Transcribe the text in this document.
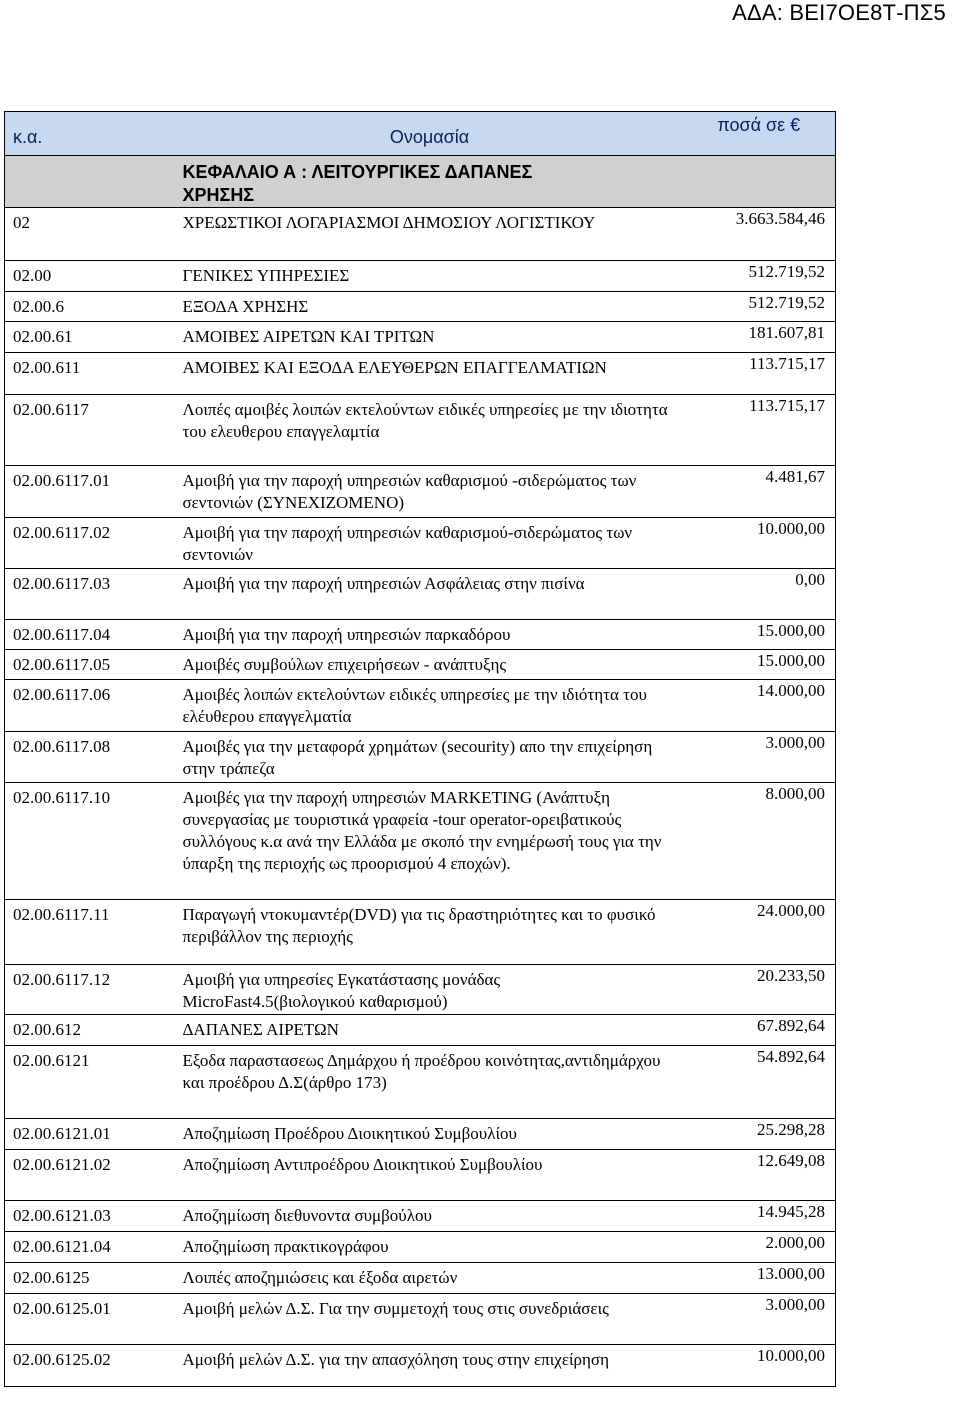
ΑΔΑ: ΒΕΙ7ΟΕ8Τ-ΠΣ5
κ.α.	Ονομασία	ποσά σε €
	ΚΕΦΑΛΑΙΟ Α : ΛΕΙΤΟΥΡΓΙΚΕΣ ΔΑΠΑΝΕΣ
ΧΡΗΣΗΣ	
02	ΧΡΕΩΣΤΙΚΟΙ ΛΟΓΑΡΙΑΣΜΟΙ ΔΗΜΟΣΙΟΥ ΛΟΓΙΣΤΙΚΟΥ	3.663.584,46
02.00	ΓΕΝΙΚΕΣ ΥΠΗΡΕΣΙΕΣ	512.719,52
02.00.6	ΕΞΟΔΑ ΧΡΗΣΗΣ	512.719,52
02.00.61	ΑΜΟΙΒΕΣ ΑΙΡΕΤΩΝ ΚΑΙ ΤΡΙΤΩΝ	181.607,81
02.00.611	ΑΜΟΙΒΕΣ ΚΑΙ ΕΞΟΔΑ ΕΛΕΥΘΕΡΩΝ ΕΠΑΓΓΕΛΜΑΤΙΩΝ	113.715,17
02.00.6117	Λοιπές αμοιβές λοιπών εκτελούντων ειδικές υπηρεσίες με την ιδιοτητα του ελευθερου επαγγελαμτία	113.715,17
02.00.6117.01	Αμοιβή για την παροχή υπηρεσιών καθαρισμού -σιδερώματος των σεντονιών (ΣΥΝΕΧΙΖΟΜΕΝΟ)	4.481,67
02.00.6117.02	Αμοιβή για την παροχή υπηρεσιών καθαρισμού-σιδερώματος των σεντονιών	10.000,00
02.00.6117.03	Αμοιβή για την παροχή υπηρεσιών Ασφάλειας στην πισίνα	0,00
02.00.6117.04	Αμοιβή για την παροχή υπηρεσιών παρκαδόρου	15.000,00
02.00.6117.05	Αμοιβές συμβούλων επιχειρήσεων - ανάπτυξης	15.000,00
02.00.6117.06	Αμοιβές λοιπών εκτελούντων ειδικές υπηρεσίες με την ιδιότητα του ελέυθερου επαγγελματία	14.000,00
02.00.6117.08	Αμοιβές για την μεταφορά χρημάτων (secourity) απο την επιχείρηση στην τράπεζα	3.000,00
02.00.6117.10	Αμοιβές για την παροχή υπηρεσιών MARKETING (Ανάπτυξη συνεργασίας με τουριστικά γραφεία -tour operator-ορειβατικούς συλλόγους κ.α ανά την Ελλάδα με σκοπό την ενημέρωσή τους για την ύπαρξη της περιοχής ως προορισμού 4 εποχών).	8.000,00
02.00.6117.11	Παραγωγή ντοκυμαντέρ(DVD) για τις δραστηριότητες και το φυσικό περιβάλλον της περιοχής	24.000,00
02.00.6117.12	Αμοιβή για υπηρεσίες Εγκατάστασης μονάδας MicroFast4.5(βιολογικού καθαρισμού)	20.233,50
02.00.612	ΔΑΠΑΝΕΣ ΑΙΡΕΤΩΝ	67.892,64
02.00.6121	Εξοδα παραστασεως Δημάρχου ή προέδρου κοινότητας,αντιδημάρχου και προέδρου Δ.Σ(άρθρο 173)	54.892,64
02.00.6121.01	Αποζημίωση Προέδρου Διοικητικού Συμβουλίου	25.298,28
02.00.6121.02	Αποζημίωση Αντιπροέδρου Διοικητικού Συμβουλίου	12.649,08
02.00.6121.03	Αποζημίωση διεθυνοντα συμβούλου	14.945,28
02.00.6121.04	Αποζημίωση πρακτικογράφου	2.000,00
02.00.6125	Λοιπές αποζημιώσεις και έξοδα αιρετών	13.000,00
02.00.6125.01	Αμοιβή μελών Δ.Σ. Για την συμμετοχή τους στις συνεδριάσεις	3.000,00
02.00.6125.02	Αμοιβή μελών Δ.Σ. για την απασχόληση τους στην επιχείρηση	10.000,00
